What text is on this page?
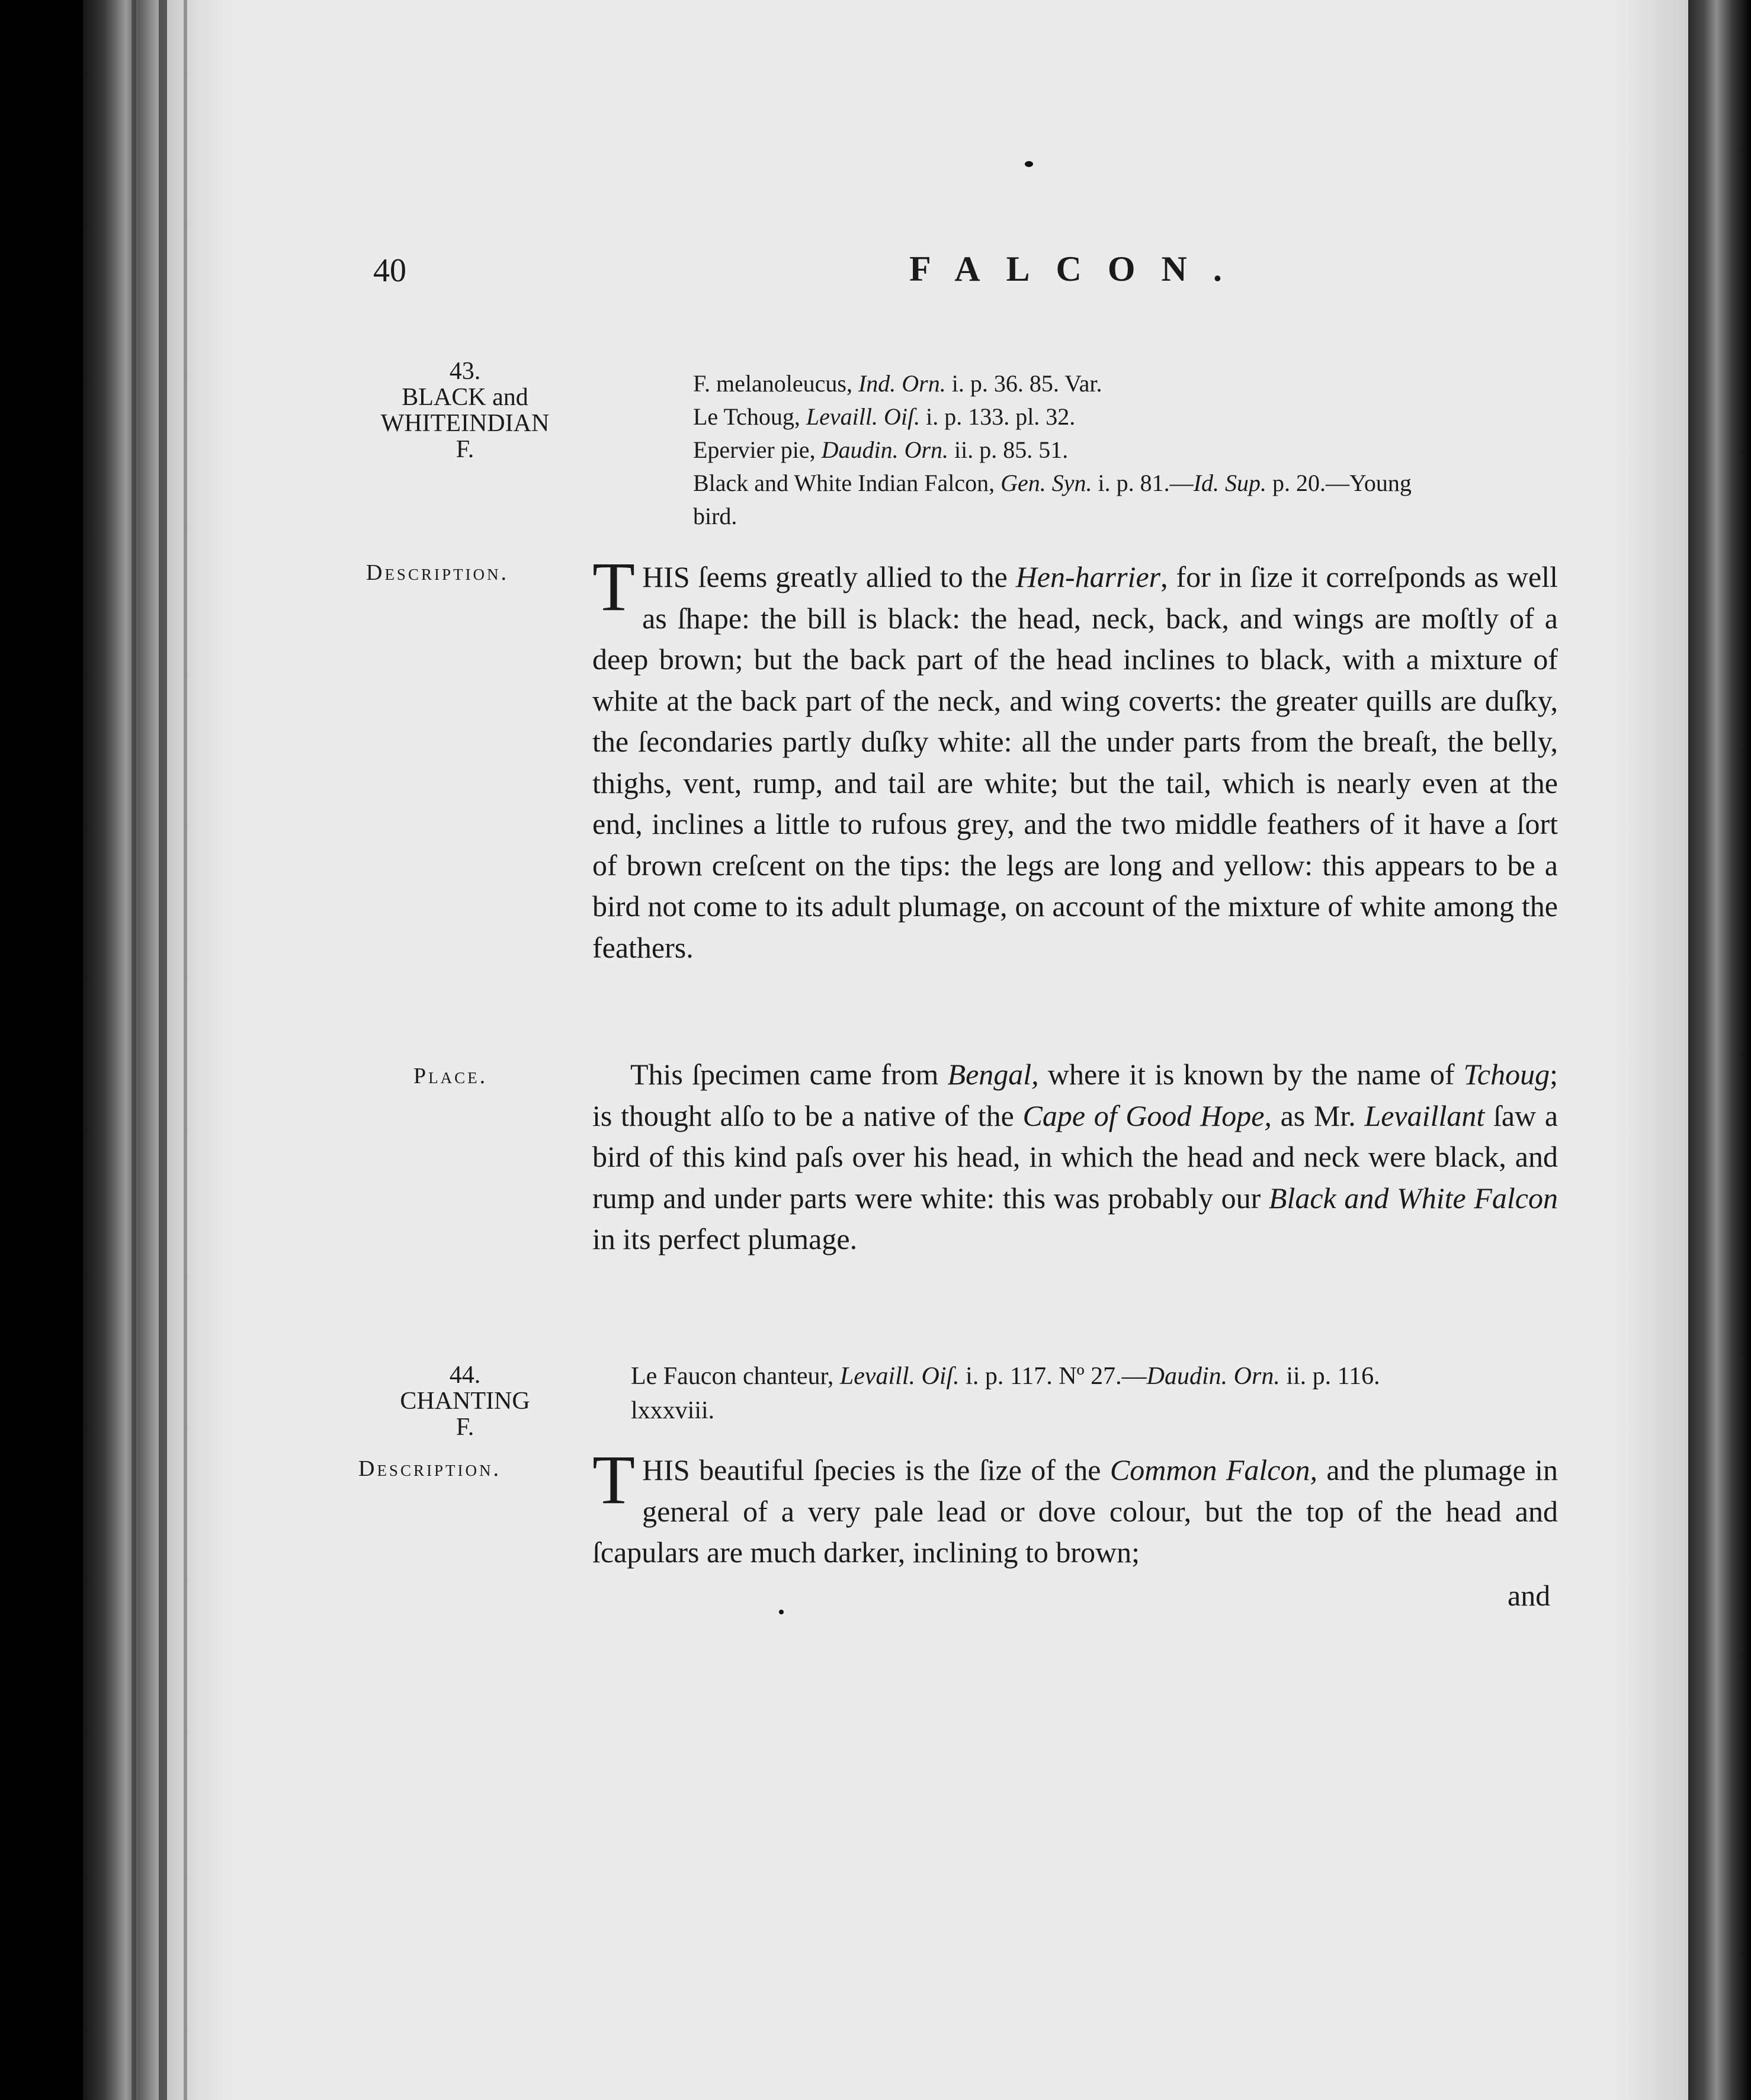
40	FALCON.
43.
BLACK and
WHITEINDIAN
F.
F. melanoleucus, Ind. Orn. i. p. 36. 85. Var.
Le Tchoug, Levaill. Oiſ. i. p. 133. pl. 32.
Epervier pie, Daudin. Orn. ii. p. 85. 51.
Black and White Indian Falcon, Gen. Syn. i. p. 81.—Id. Sup. p. 20.—Young
bird.
Description. THIS ſeems greatly allied to the Hen-harrier, for in ſize it correſponds as well as ſhape: the bill is black: the head, neck, back, and wings are moſtly of a deep brown; but the back part of the head inclines to black, with a mixture of white at the back part of the neck, and wing coverts: the greater quills are duſky, the ſecondaries partly duſky white: all the under parts from the breaſt, the belly, thighs, vent, rump, and tail are white; but the tail, which is nearly even at the end, inclines a little to rufous grey, and the two middle feathers of it have a ſort of brown creſcent on the tips: the legs are long and yellow: this appears to be a bird not come to its adult plumage, on account of the mixture of white among the feathers.
Place.	This ſpecimen came from Bengal, where it is known by the name of Tchoug; is thought alſo to be a native of the Cape of Good Hope, as Mr. Levaillant ſaw a bird of this kind paſs over his head, in which the head and neck were black, and rump and under parts were white: this was probably our Black and White Falcon in its perfect plumage.
44.
CHANTING
F.
Le Faucon chanteur, Levaill. Oiſ. i. p. 117. Nº 27.—Daudin. Orn. ii. p. 116.
lxxxviii.
Description. THIS beautiful ſpecies is the ſize of the Common Falcon, and the plumage in general of a very pale lead or dove colour, but the top of the head and ſcapulars are much darker, inclining to brown;
and
